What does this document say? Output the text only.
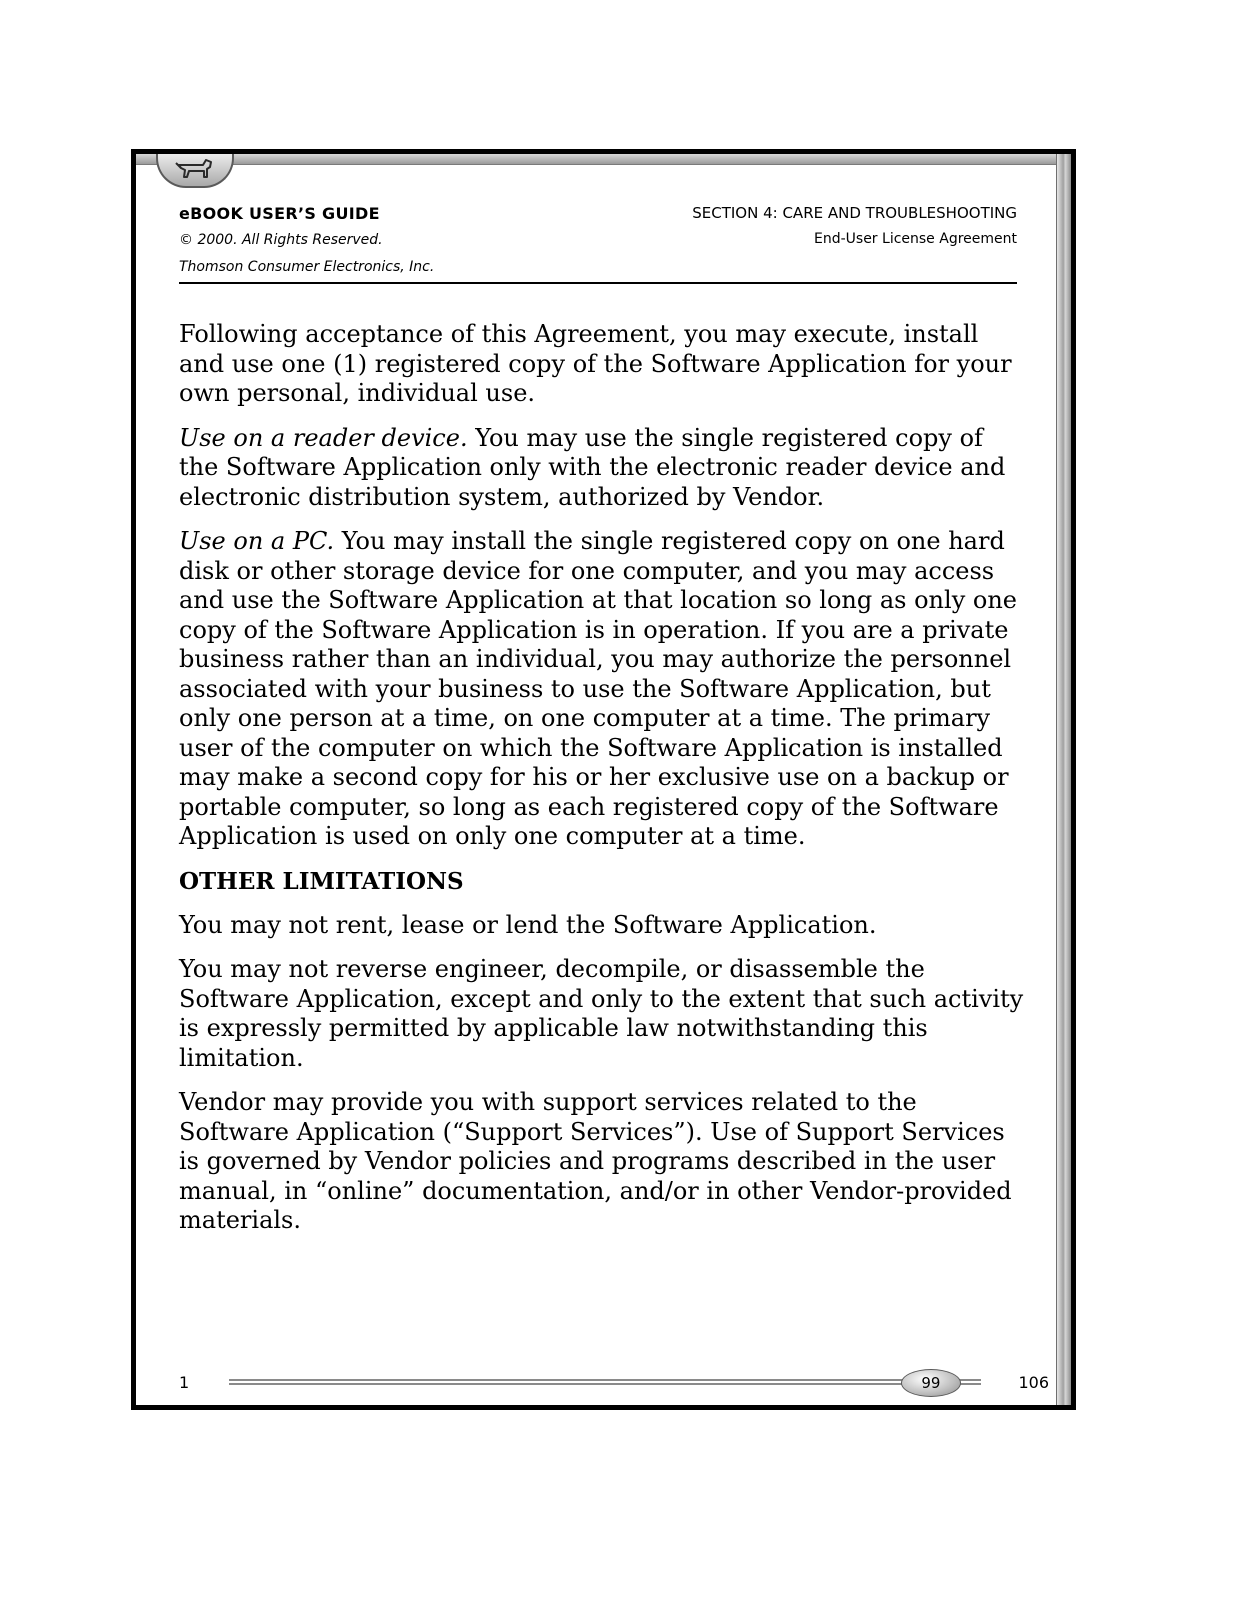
eBOOK USER’S GUIDE
© 2000. All Rights Reserved.
Thomson Consumer Electronics, Inc.
SECTION 4: CARE AND TROUBLESHOOTING
End-User License Agreement

Following acceptance of this Agreement, you may execute, install and use one (1) registered copy of the Software Application for your own personal, individual use.

Use on a reader device. You may use the single registered copy of the Software Application only with the electronic reader device and electronic distribution system, authorized by Vendor.

Use on a PC. You may install the single registered copy on one hard disk or other storage device for one computer, and you may access and use the Software Application at that location so long as only one copy of the Software Application is in operation. If you are a private business rather than an individual, you may authorize the personnel associated with your business to use the Software Application, but only one person at a time, on one computer at a time. The primary user of the computer on which the Software Application is installed may make a second copy for his or her exclusive use on a backup or portable computer, so long as each registered copy of the Software Application is used on only one computer at a time.

OTHER LIMITATIONS

You may not rent, lease or lend the Software Application.

You may not reverse engineer, decompile, or disassemble the Software Application, except and only to the extent that such activity is expressly permitted by applicable law notwithstanding this limitation.

Vendor may provide you with support services related to the Software Application (“Support Services”). Use of Support Services is governed by Vendor policies and programs described in the user manual, in “online” documentation, and/or in other Vendor-provided materials.

1	99	106
